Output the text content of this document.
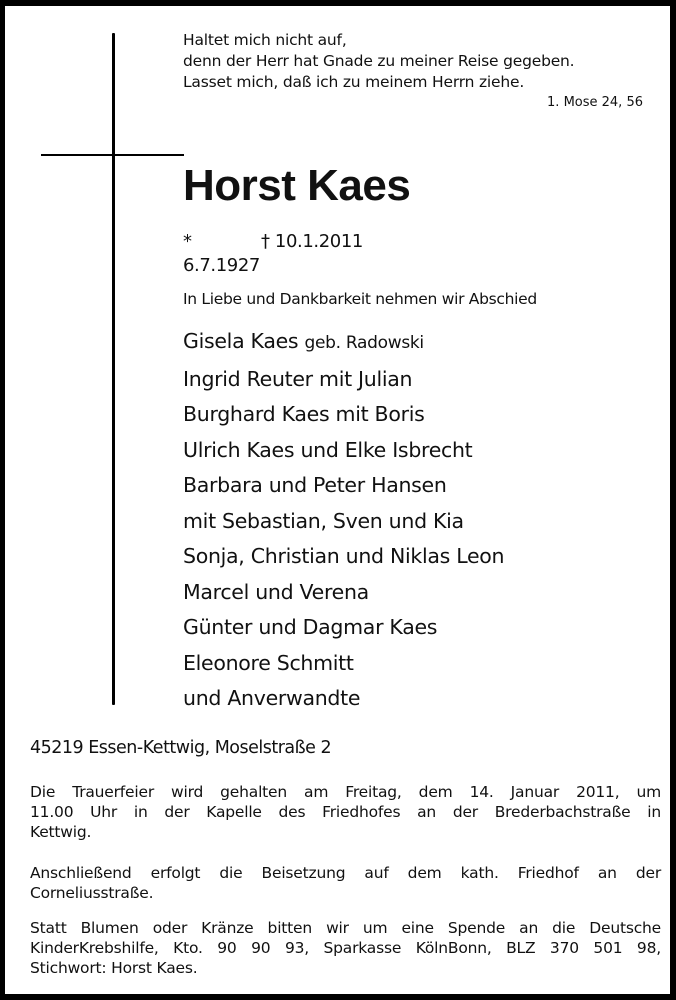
Haltet mich nicht auf,
denn der Herr hat Gnade zu meiner Reise gegeben.
Lasset mich, daß ich zu meinem Herrn ziehe.
1. Mose 24, 56
Horst Kaes
* 6.7.1927
† 10.1.2011
In Liebe und Dankbarkeit nehmen wir Abschied
Gisela Kaes geb. Radowski
Ingrid Reuter mit Julian
Burghard Kaes mit Boris
Ulrich Kaes und Elke Isbrecht
Barbara und Peter Hansen
mit Sebastian, Sven und Kia
Sonja, Christian und Niklas Leon
Marcel und Verena
Günter und Dagmar Kaes
Eleonore Schmitt
und Anverwandte
45219 Essen-Kettwig, Moselstraße 2
Die Trauerfeier wird gehalten am Freitag, dem 14. Januar 2011, um
11.00 Uhr in der Kapelle des Friedhofes an der Brederbachstraße in
Kettwig.
Anschließend erfolgt die Beisetzung auf dem kath. Friedhof an der
Corneliusstraße.
Statt Blumen oder Kränze bitten wir um eine Spende an die Deutsche
KinderKrebshilfe, Kto. 90 90 93, Sparkasse KölnBonn, BLZ 370 501 98,
Stichwort: Horst Kaes.
